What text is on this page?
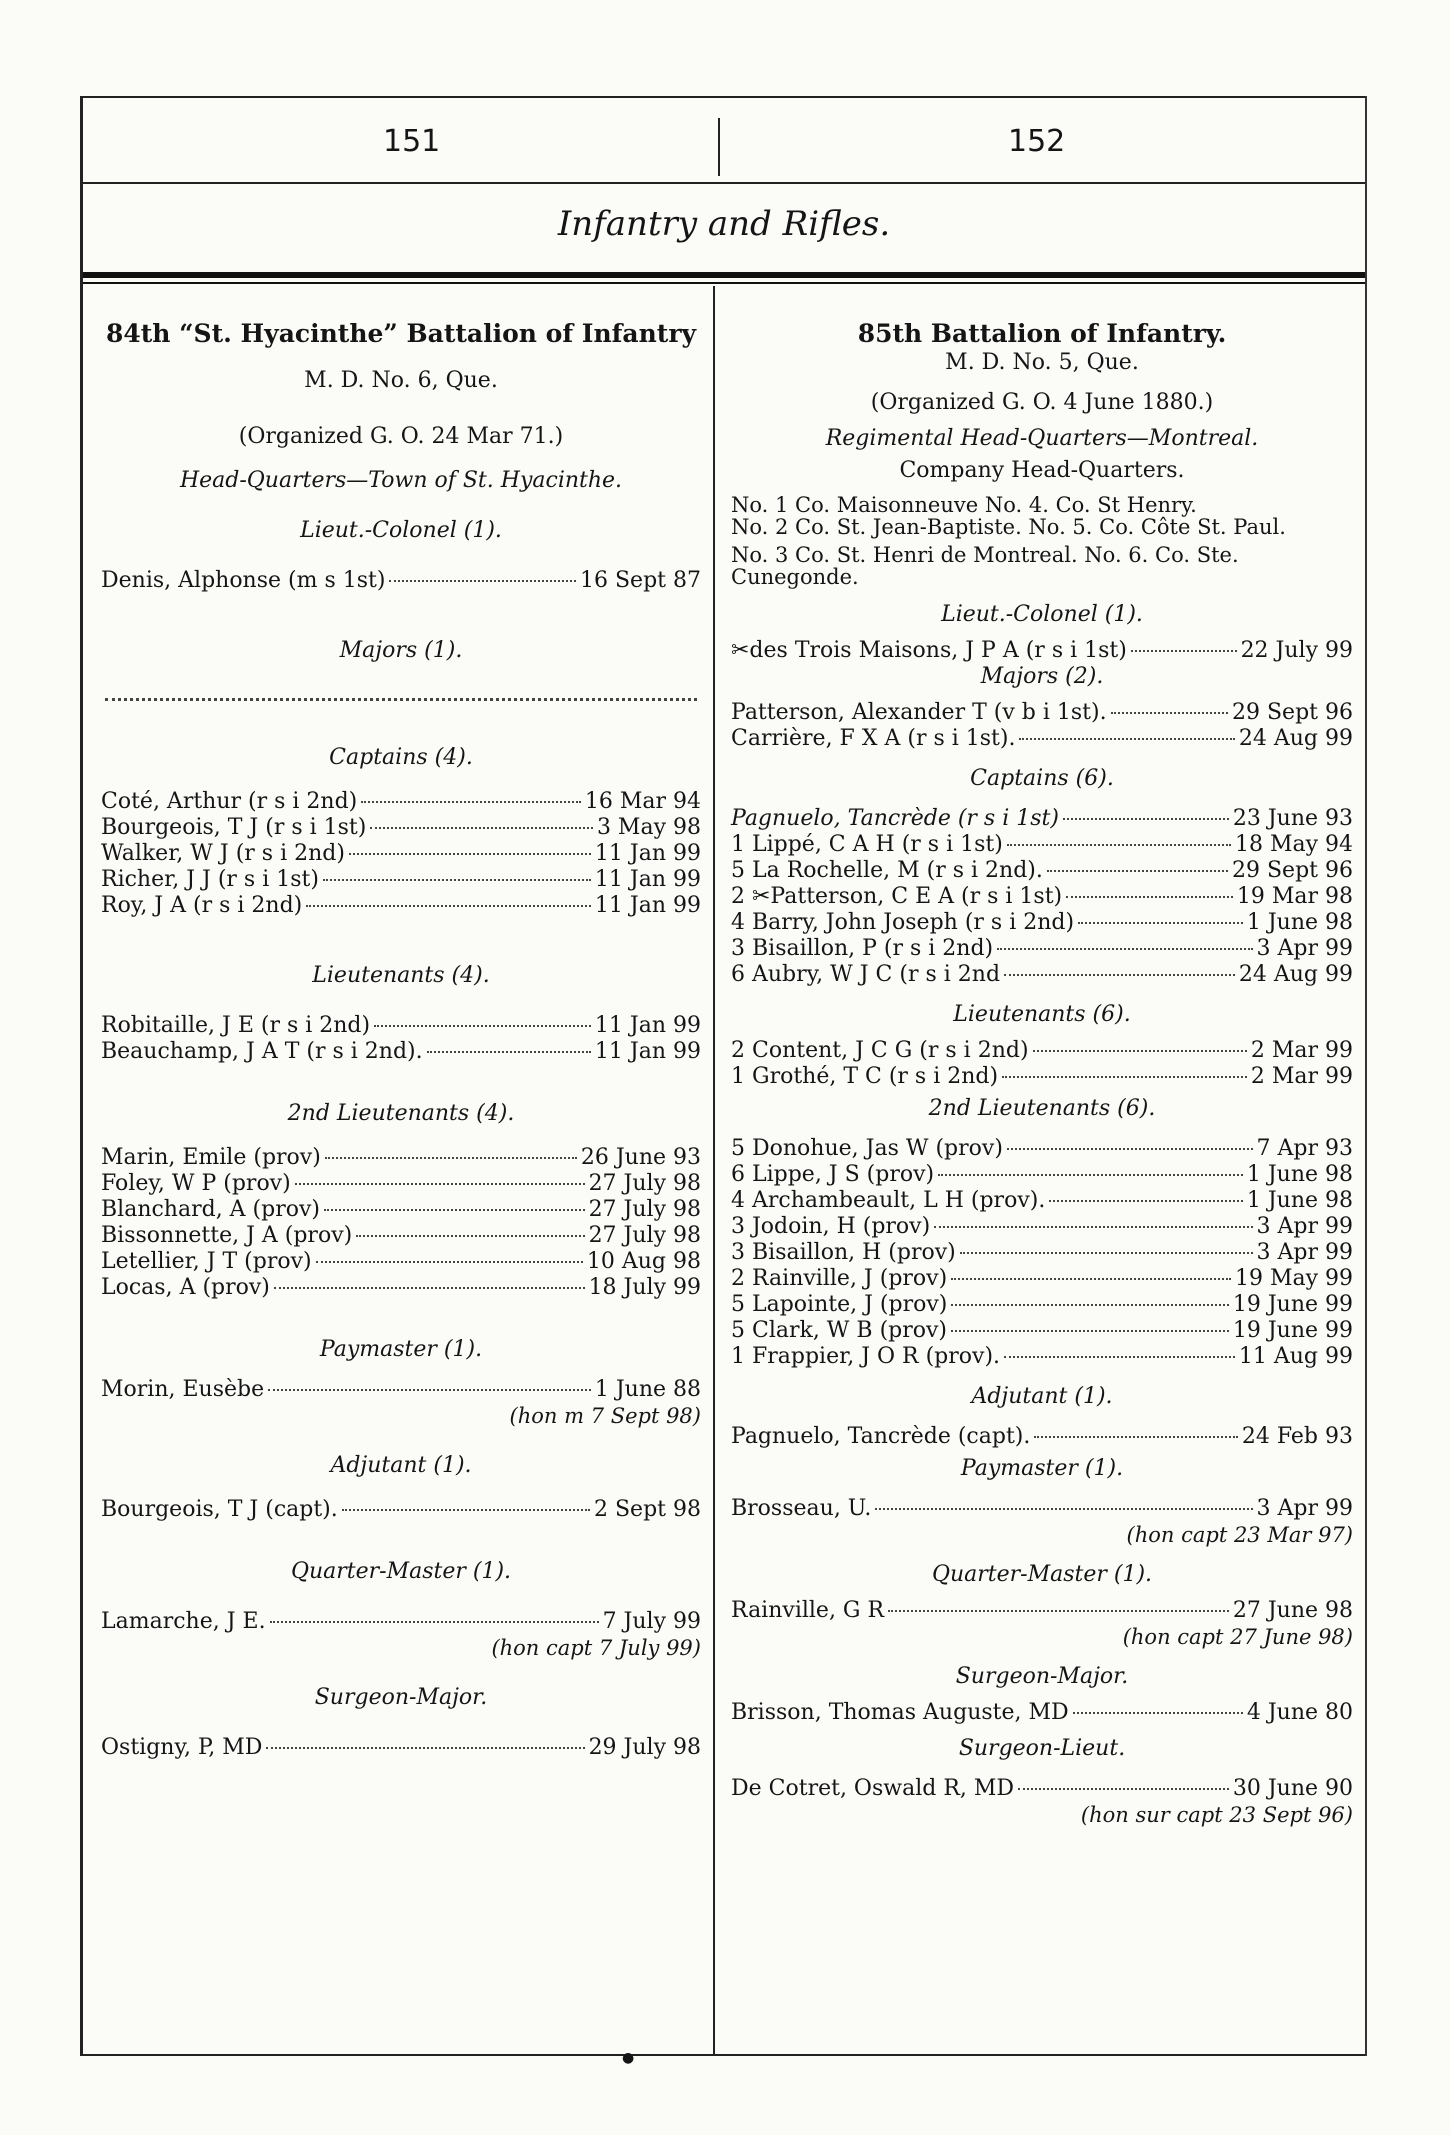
151	152
Infantry and Rifles.
84th “St. Hyacinthe” Battalion of Infantry
M. D. No. 6, Que.
(Organized G. O. 24 Mar 71.)
Head-Quarters—Town of St. Hyacinthe.
Lieut.-Colonel (1).
Denis, Alphonse (m s 1st)	16 Sept 87
Majors (1).
Captains (4).
Coté, Arthur (r s i 2nd)	16 Mar 94
Bourgeois, T J (r s i 1st)	3 May 98
Walker, W J (r s i 2nd)	11 Jan 99
Richer, J J (r s i 1st)	11 Jan 99
Roy, J A (r s i 2nd)	11 Jan 99
Lieutenants (4).
Robitaille, J E (r s i 2nd)	11 Jan 99
Beauchamp, J A T (r s i 2nd).	11 Jan 99
2nd Lieutenants (4).
Marin, Emile (prov)	26 June 93
Foley, W P (prov)	27 July 98
Blanchard, A (prov)	27 July 98
Bissonnette, J A (prov)	27 July 98
Letellier, J T (prov)	10 Aug 98
Locas, A (prov)	18 July 99
Paymaster (1).
Morin, Eusèbe	1 June 88
(hon m 7 Sept 98)
Adjutant (1).
Bourgeois, T J (capt).	2 Sept 98
Quarter-Master (1).
Lamarche, J E.	7 July 99
(hon capt 7 July 99)
Surgeon-Major.
Ostigny, P, MD	29 July 98
85th Battalion of Infantry.
M. D. No. 5, Que.
(Organized G. O. 4 June 1880.)
Regimental Head-Quarters—Montreal.
Company Head-Quarters.
No. 1 Co. Maisonneuve No. 4. Co. St Henry.
No. 2 Co. St. Jean-Baptiste. No. 5. Co. Côte St. Paul.
No. 3 Co. St. Henri de Montreal. No. 6. Co. Ste. Cunegonde.
Lieut.-Colonel (1).
✂des Trois Maisons, J P A (r s i 1st)	22 July 99
Majors (2).
Patterson, Alexander T (v b i 1st).	29 Sept 96
Carrière, F X A (r s i 1st).	24 Aug 99
Captains (6).
Pagnuelo, Tancrède (r s i 1st)	23 June 93
1 Lippé, C A H (r s i 1st)	18 May 94
5 La Rochelle, M (r s i 2nd).	29 Sept 96
2 ✂Patterson, C E A (r s i 1st)	19 Mar 98
4 Barry, John Joseph (r s i 2nd)	1 June 98
3 Bisaillon, P (r s i 2nd)	3 Apr 99
6 Aubry, W J C (r s i 2nd	24 Aug 99
Lieutenants (6).
2 Content, J C G (r s i 2nd)	2 Mar 99
1 Grothé, T C (r s i 2nd)	2 Mar 99
2nd Lieutenants (6).
5 Donohue, Jas W (prov)	7 Apr 93
6 Lippe, J S (prov)	1 June 98
4 Archambeault, L H (prov).	1 June 98
3 Jodoin, H (prov)	3 Apr 99
3 Bisaillon, H (prov)	3 Apr 99
2 Rainville, J (prov)	19 May 99
5 Lapointe, J (prov)	19 June 99
5 Clark, W B (prov)	19 June 99
1 Frappier, J O R (prov).	11 Aug 99
Adjutant (1).
Pagnuelo, Tancrède (capt).	24 Feb 93
Paymaster (1).
Brosseau, U.	3 Apr 99
(hon capt 23 Mar 97)
Quarter-Master (1).
Rainville, G R	27 June 98
(hon capt 27 June 98)
Surgeon-Major.
Brisson, Thomas Auguste, MD	4 June 80
Surgeon-Lieut.
De Cotret, Oswald R, MD	30 June 90
(hon sur capt 23 Sept 96)
●
